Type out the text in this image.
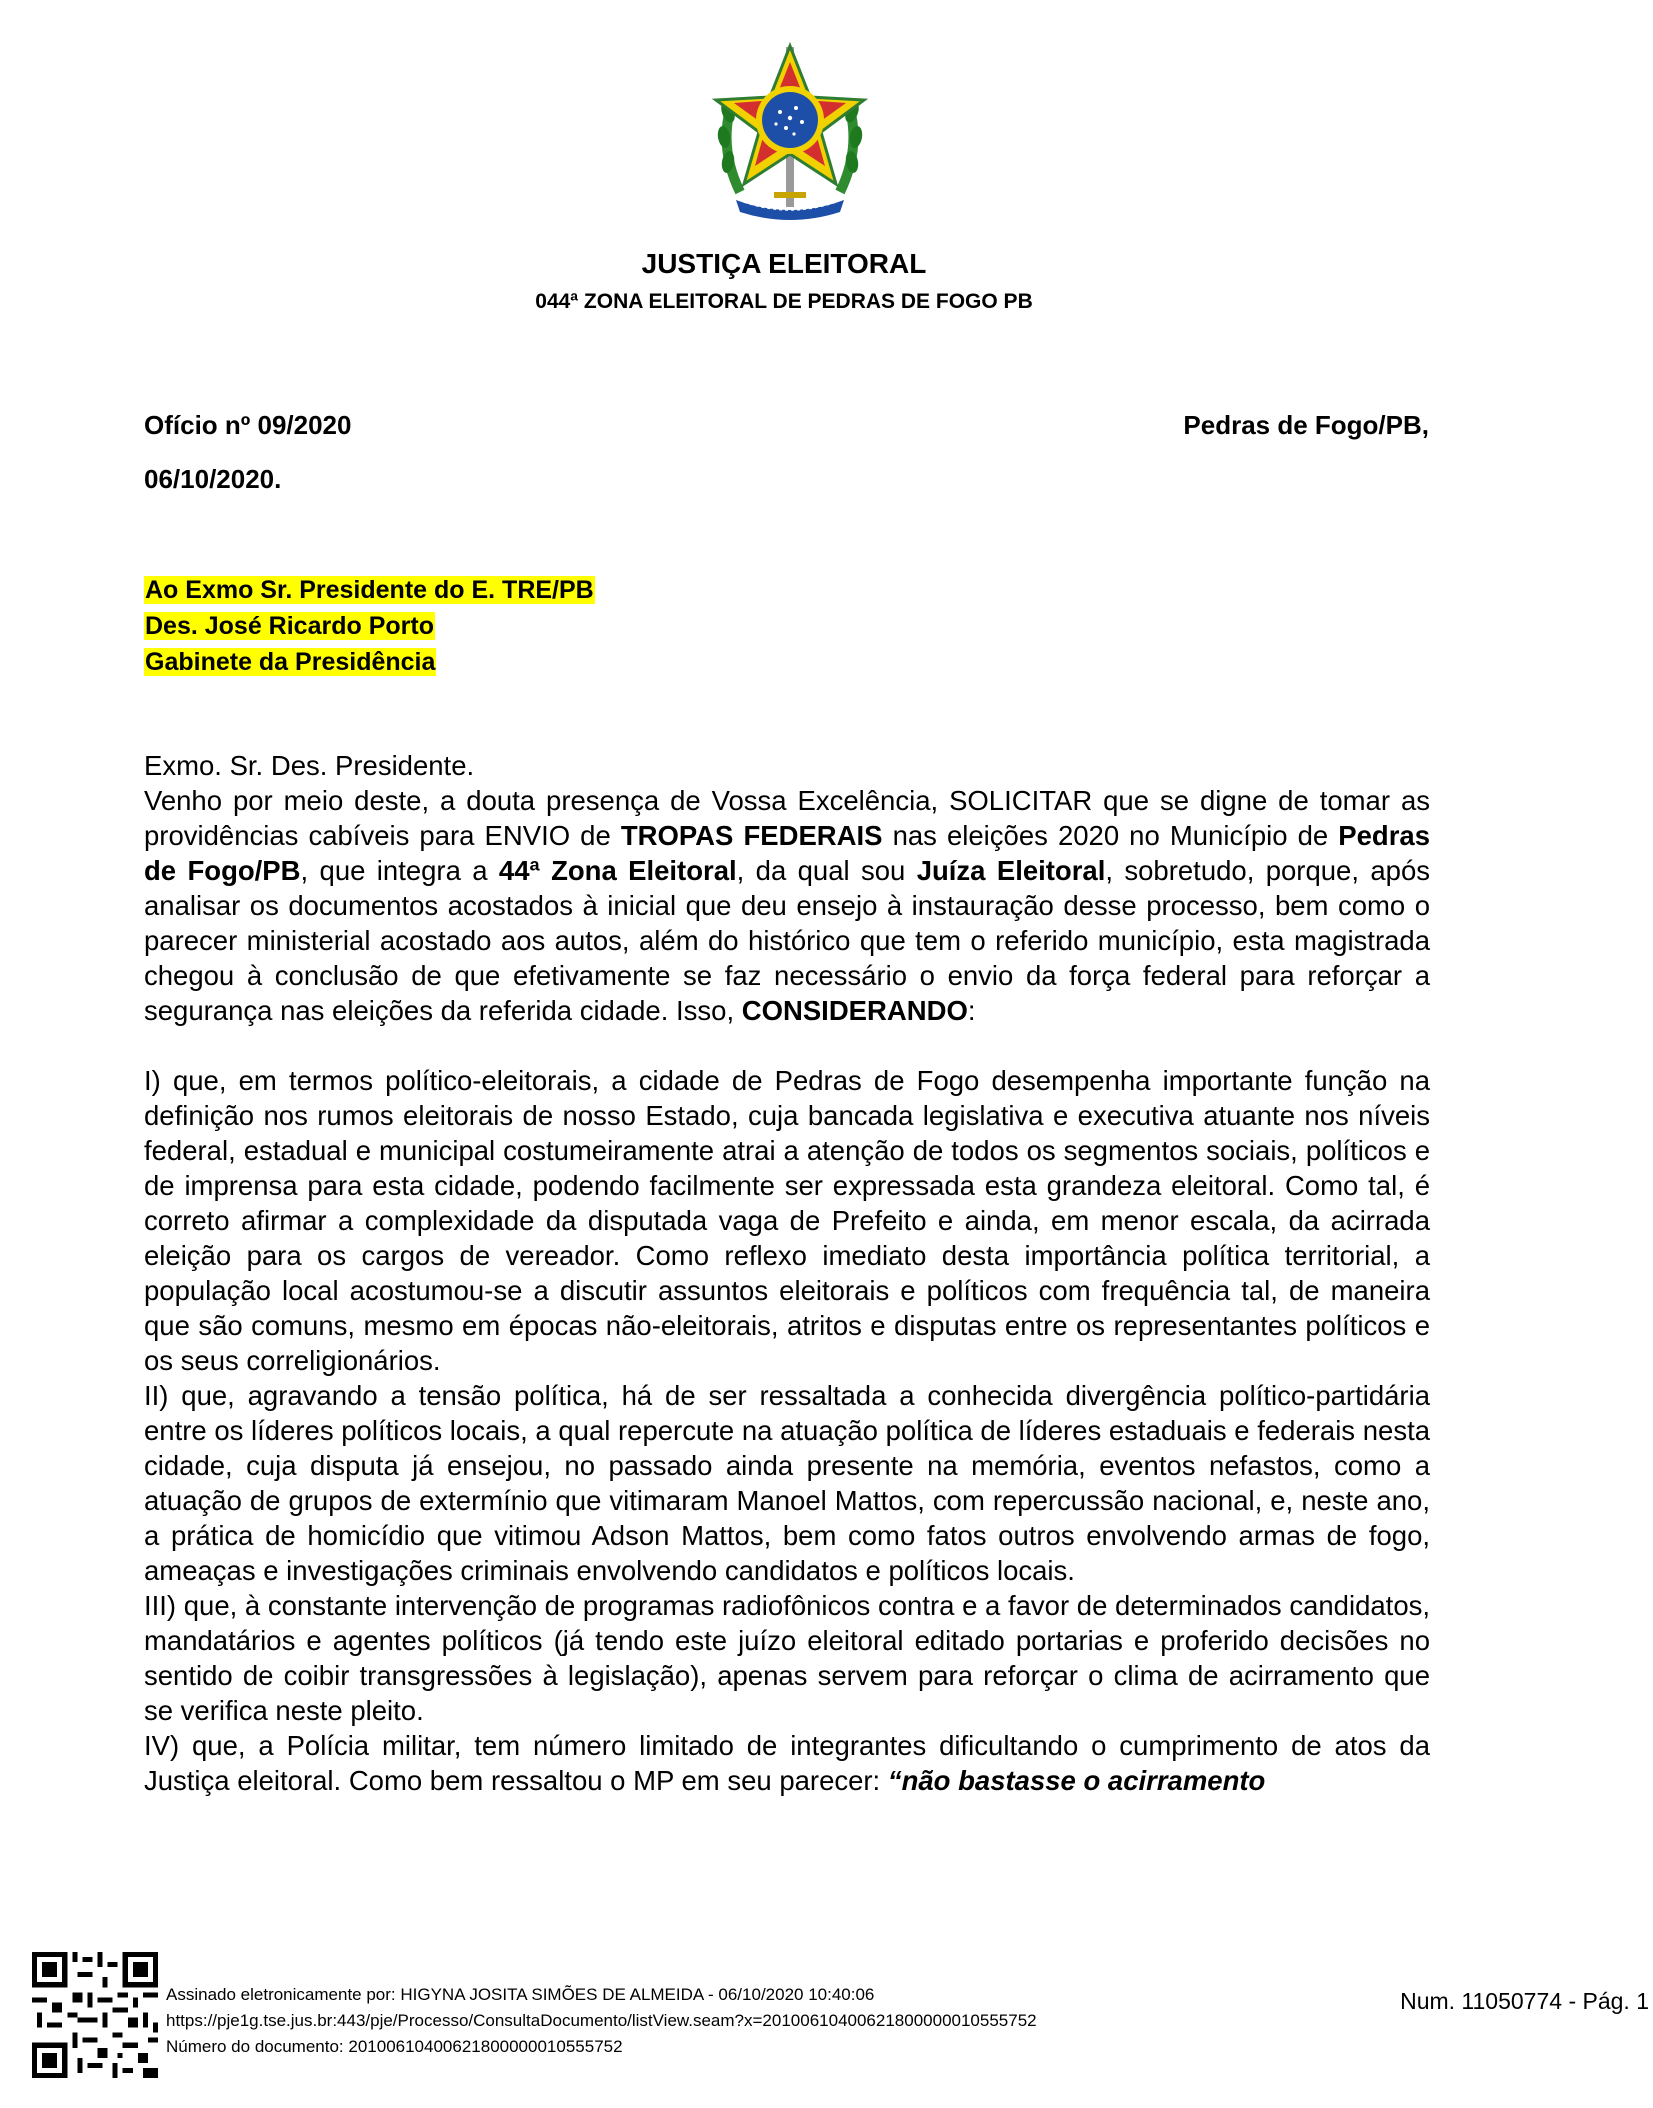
JUSTIÇA ELEITORAL
044ª ZONA ELEITORAL DE PEDRAS DE FOGO PB
Ofício nº 09/2020	Pedras de Fogo/PB,
06/10/2020.
Ao Exmo Sr. Presidente do E. TRE/PB
Des. José Ricardo Porto
Gabinete da Presidência

Exmo. Sr. Des. Presidente.

Venho por meio deste, a douta presença de Vossa Excelência, SOLICITAR que se digne de tomar as providências cabíveis para ENVIO de TROPAS FEDERAIS nas eleições 2020 no Município de Pedras de Fogo/PB, que integra a 44ª Zona Eleitoral, da qual sou Juíza Eleitoral, sobretudo, porque, após analisar os documentos acostados à inicial que deu ensejo à instauração desse processo, bem como o parecer ministerial acostado aos autos, além do histórico que tem o referido município, esta magistrada chegou à conclusão de que efetivamente se faz necessário o envio da força federal para reforçar a segurança nas eleições da referida cidade. Isso, CONSIDERANDO:

I) que, em termos político-eleitorais, a cidade de Pedras de Fogo desempenha importante função na definição nos rumos eleitorais de nosso Estado, cuja bancada legislativa e executiva atuante nos níveis federal, estadual e municipal costumeiramente atrai a atenção de todos os segmentos sociais, políticos e de imprensa para esta cidade, podendo facilmente ser expressada esta grandeza eleitoral. Como tal, é correto afirmar a complexidade da disputada vaga de Prefeito e ainda, em menor escala, da acirrada eleição para os cargos de vereador. Como reflexo imediato desta importância política territorial, a população local acostumou-se a discutir assuntos eleitorais e políticos com frequência tal, de maneira que são comuns, mesmo em épocas não-eleitorais, atritos e disputas entre os representantes políticos e os seus correligionários.

II) que, agravando a tensão política, há de ser ressaltada a conhecida divergência político-partidária entre os líderes políticos locais, a qual repercute na atuação política de líderes estaduais e federais nesta cidade, cuja disputa já ensejou, no passado ainda presente na memória, eventos nefastos, como a atuação de grupos de extermínio que vitimaram Manoel Mattos, com repercussão nacional, e, neste ano, a prática de homicídio que vitimou Adson Mattos, bem como fatos outros envolvendo armas de fogo, ameaças e investigações criminais envolvendo candidatos e políticos locais.

III) que, à constante intervenção de programas radiofônicos contra e a favor de determinados candidatos, mandatários e agentes políticos (já tendo este juízo eleitoral editado portarias e proferido decisões no sentido de coibir transgressões à legislação), apenas servem para reforçar o clima de acirramento que se verifica neste pleito.

IV) que, a Polícia militar, tem número limitado de integrantes dificultando o cumprimento de atos da Justiça eleitoral. Como bem ressaltou o MP em seu parecer: “não bastasse o acirramento

Assinado eletronicamente por: HIGYNA JOSITA SIMÕES DE ALMEIDA - 06/10/2020 10:40:06
https://pje1g.tse.jus.br:443/pje/Processo/ConsultaDocumento/listView.seam?x=20100610400621800000010555752
Número do documento: 20100610400621800000010555752
Num. 11050774 - Pág. 1
